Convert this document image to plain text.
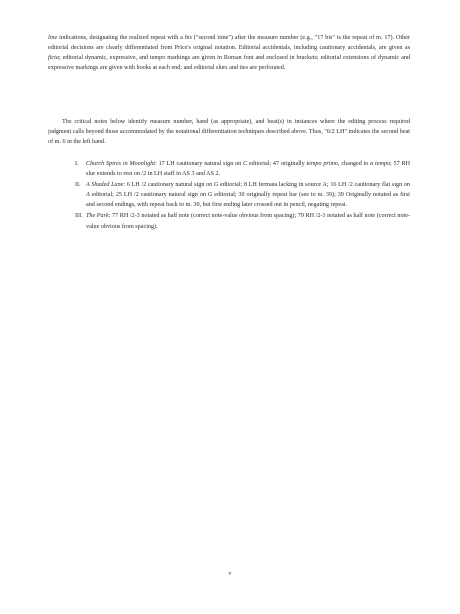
line indications, designating the realized repeat with a bis ("second time") after the measure number (e.g., "17 bis" is the repeat of m. 17). Other editorial decisions are clearly differentiated from Price's original notation. Editorial accidentals, including cautionary accidentals, are given as ficta; editorial dynamic, expressive, and tempo markings are given in Roman font and enclosed in brackets; editorial extensions of dynamic and expressive markings are given with hooks at each end; and editorial slurs and ties are perforated.

The critical notes below identify measure number, hand (as appropriate), and beat(s) in instances where the editing process required judgment calls beyond those accommodated by the notational differentiation techniques described above. Thus, "6/2 LH" indicates the second beat of m. 6 in the left hand.

I.	Church Spires in Moonlight: 17 LH cautionary natural sign on C editorial; 47 originally tempo primo, changed to a tempo; 57 RH slur extends to rest on /2 in LH staff in AS 3 and AS 2.
II. A Shaded Lane: 6 LH /2 cautionary natural sign on G editorial; 8 LH fermata lacking in source A; 16 LH /2 cautionary flat sign on A editorial; 25 LH /2 cautionary natural sign on G editorial; 30 originally repeat bar (see to m. 39); 39 Originally notated as first and second endings, with repeat back to m. 30, but first ending later crossed out in pencil, negating repeat.
III. The Park: 77 RH /2-3 notated as half note (correct note-value obvious from spacing); 79 RH /2-3 notated as half note (correct note-value obvious from spacing).
v
